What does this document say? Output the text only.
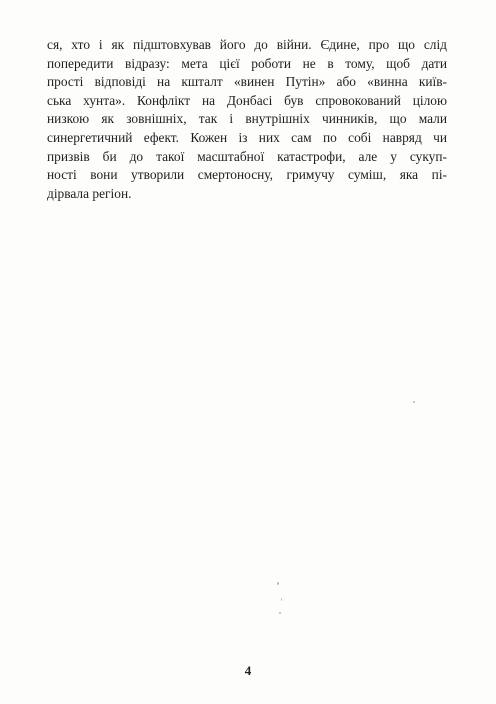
ся, хто і як підштовхував його до війни. Єдине, про що слід
попередити відразу: мета цієї роботи не в тому, щоб дати
прості відповіді на кшталт «винен Путін» або «винна київ-
ська хунта». Конфлікт на Донбасі був спровокований цілою
низкою як зовнішніх, так і внутрішніх чинників, що мали
синергетичний ефект. Кожен із них сам по собі навряд чи
призвів би до такої масштабної катастрофи, але у сукуп-
ності вони утворили смертоносну, гримучу суміш, яка пі-
дірвала регіон.
4
